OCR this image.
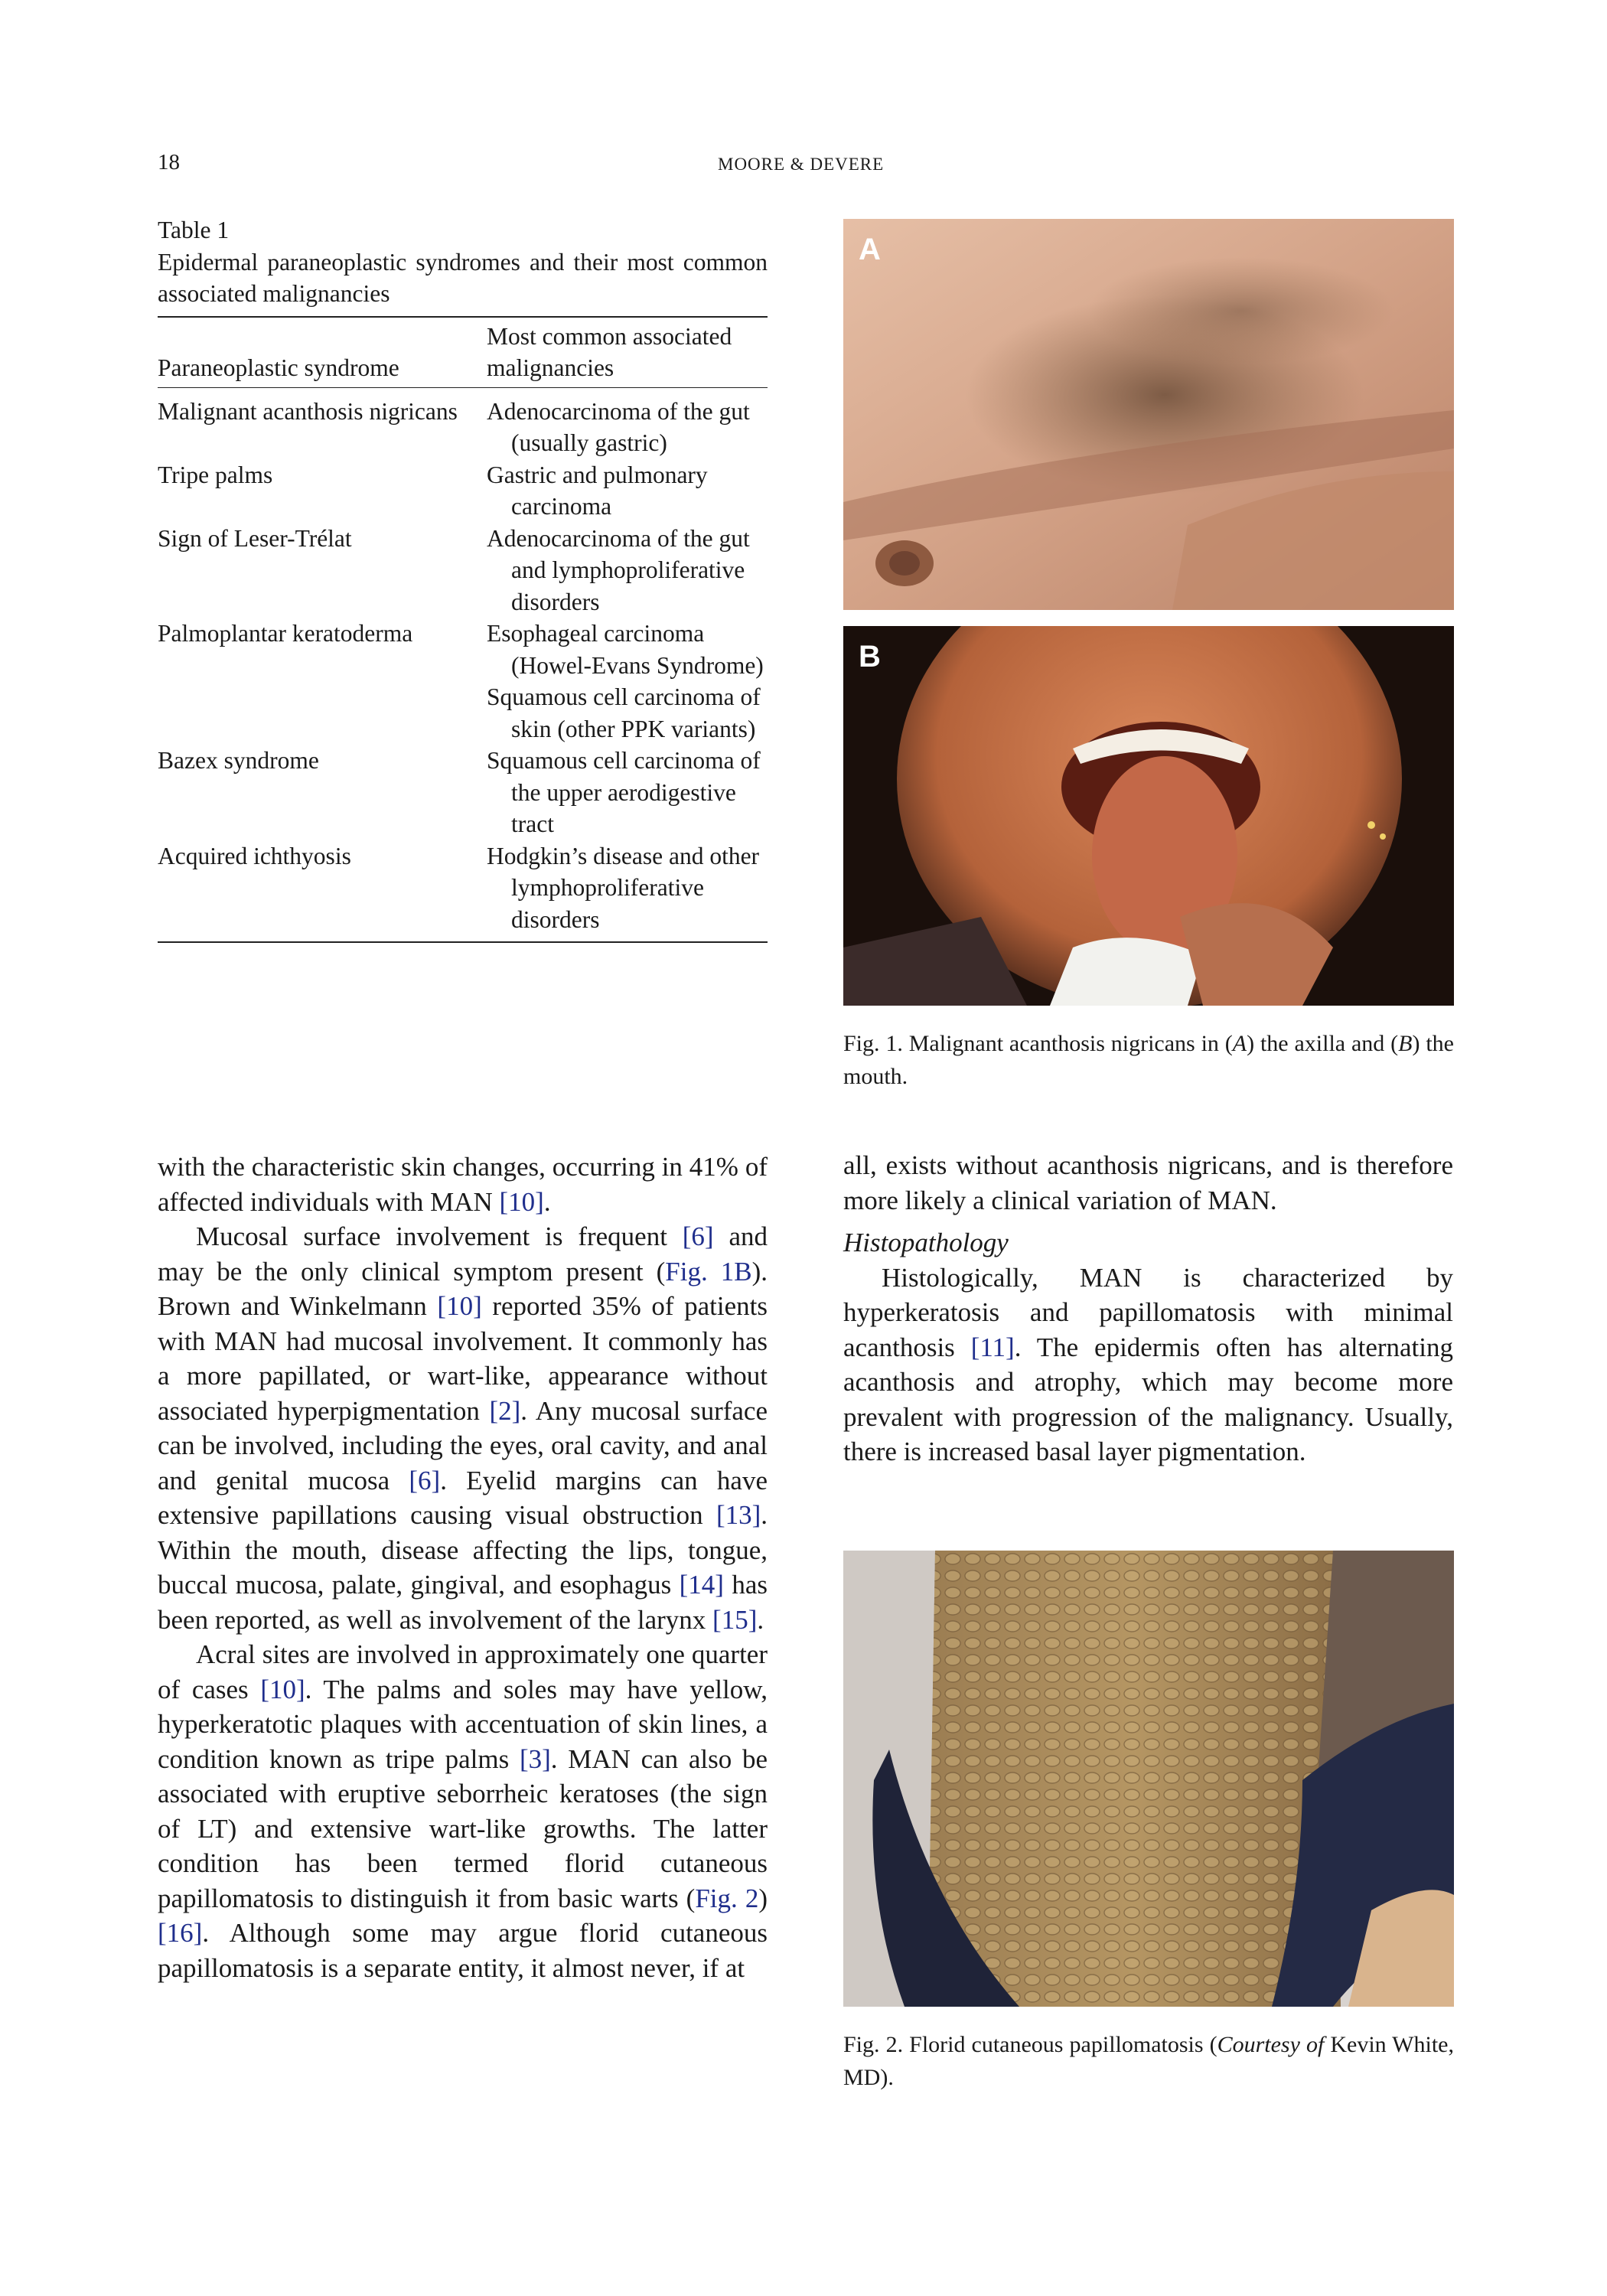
18	MOORE & DEVERE

Table 1

Epidermal paraneoplastic syndromes and their most common associated malignancies

Paraneoplastic syndrome	Most common associated malignancies

Malignant acanthosis nigricans	Adenocarcinoma of the gut (usually gastric)
Tripe palms	Gastric and pulmonary carcinoma
Sign of Leser-Trélat	Adenocarcinoma of the gut and lymphoproliferative disorders
Palmoplantar keratoderma	Esophageal carcinoma (Howel-Evans Syndrome)
	Squamous cell carcinoma of skin (other PPK variants)
Bazex syndrome	Squamous cell carcinoma of the upper aerodigestive tract
Acquired ichthyosis	Hodgkin’s disease and other lymphoproliferative disorders
A
B
Fig. 1. Malignant acanthosis nigricans in (A) the axilla and (B) the mouth.
Fig. 2. Florid cutaneous papillomatosis (Courtesy of Kevin White, MD).

with the characteristic skin changes, occurring in 41% of affected individuals with MAN [10].

Mucosal surface involvement is frequent [6] and may be the only clinical symptom present (Fig. 1B). Brown and Winkelmann [10] reported 35% of patients with MAN had mucosal involvement. It commonly has a more papillated, or wart-like, appearance without associated hyperpigmentation [2]. Any mucosal surface can be involved, including the eyes, oral cavity, and anal and genital mucosa [6]. Eyelid margins can have extensive papillations causing visual obstruction [13]. Within the mouth, disease affecting the lips, tongue, buccal mucosa, palate, gingival, and esophagus [14] has been reported, as well as involvement of the larynx [15].

Acral sites are involved in approximately one quarter of cases [10]. The palms and soles may have yellow, hyperkeratotic plaques with accentuation of skin lines, a condition known as tripe palms [3]. MAN can also be associated with eruptive seborrheic keratoses (the sign of LT) and extensive wart-like growths. The latter condition has been termed florid cutaneous papillomatosis to distinguish it from basic warts (Fig. 2) [16]. Although some may argue florid cutaneous papillomatosis is a separate entity, it almost never, if at

all, exists without acanthosis nigricans, and is therefore more likely a clinical variation of MAN.

Histopathology

Histologically, MAN is characterized by hyperkeratosis and papillomatosis with minimal acanthosis [11]. The epidermis often has alternating acanthosis and atrophy, which may become more prevalent with progression of the malignancy. Usually, there is increased basal layer pigmentation.
